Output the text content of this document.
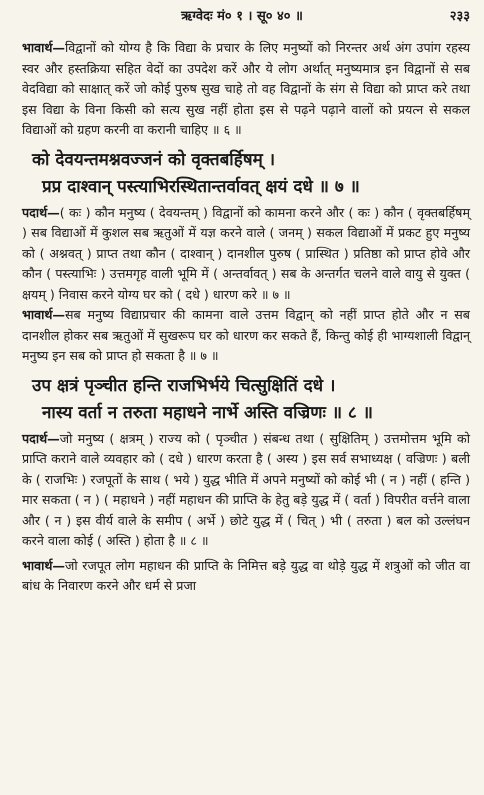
ऋग्वेदः मं० १ । सू० ४० ॥	२३३

भावार्थ—विद्वानों को योग्य है कि विद्या के प्रचार के लिए मनुष्यों को निरन्तर अर्थ अंग उपांग रहस्य स्वर और हस्तक्रिया सहित वेदों का उपदेश करें और ये लोग अर्थात् मनुष्यमात्र इन विद्वानों से सब वेदविद्या को साक्षात् करें जो कोई पुरुष सुख चाहे तो वह विद्वानों के संग से विद्या को प्राप्त करे तथा इस विद्या के विना किसी को सत्य सुख नहीं होता इस से पढ़ने पढ़ाने वालों को प्रयत्न से सकल विद्याओं को ग्रहण करनी वा करानी चाहिए ॥ ६ ॥

को देवयन्तमश्नवज्जनं को वृक्तबर्हिषम् ।
प्रप्र दाश्वान् पस्त्याभिरस्थितान्तर्वावत् क्षयं दधे ॥ ७ ॥

पदार्थ—( कः ) कौन मनुष्य ( देवयन्तम् ) विद्वानों को कामना करने और ( कः ) कौन ( वृक्तबर्हिषम् ) सब विद्याओं में कुशल सब ऋतुओं में यज्ञ करने वाले ( जनम् ) सकल विद्याओं में प्रकट हुए मनुष्य को ( अश्नवत् ) प्राप्त तथा कौन ( दाश्वान् ) दानशील पुरुष ( प्रास्थित ) प्रतिष्ठा को प्राप्त होवे और कौन ( पस्त्याभिः ) उत्तमगृह वाली भूमि में ( अन्तर्वावत् ) सब के अन्तर्गत चलने वाले वायु से युक्त ( क्षयम् ) निवास करने योग्य घर को ( दधे ) धारण करे ॥ ७ ॥

भावार्थ—सब मनुष्य विद्याप्रचार की कामना वाले उत्तम विद्वान् को नहीं प्राप्त होते और न सब दानशील होकर सब ऋतुओं में सुखरूप घर को धारण कर सकते हैं, किन्तु कोई ही भाग्यशाली विद्वान् मनुष्य इन सब को प्राप्त हो सकता है ॥ ७ ॥

उप क्षत्रं पृञ्चीत हन्ति राजभिर्भये चित्सुक्षितिं दधे ।
नास्य वर्ता न तरुता महाधने नार्भे अस्ति वज्रिणः ॥ ८ ॥

पदार्थ—जो मनुष्य ( क्षत्रम् ) राज्य को ( पृञ्चीत ) संबन्ध तथा ( सुक्षितिम् ) उत्तमोत्तम भूमि को प्राप्ति कराने वाले व्यवहार को ( दधे ) धारण करता है ( अस्य ) इस सर्व सभाध्यक्ष ( वज्रिणः ) बली के ( राजभिः ) रजपूतों के साथ ( भये ) युद्ध भीति में अपने मनुष्यों को कोई भी ( न ) नहीं ( हन्ति ) मार सकता ( न ) ( महाधने ) नहीं महाधन की प्राप्ति के हेतु बड़े युद्ध में ( वर्ता ) विपरीत वर्त्तने वाला और ( न ) इस वीर्य वाले के समीप ( अर्भे ) छोटे युद्ध में ( चित् ) भी ( तरुता ) बल को उल्लंघन करने वाला कोई ( अस्ति ) होता है ॥ ८ ॥

भावार्थ—जो रजपूत लोग महाधन की प्राप्ति के निमित्त बड़े युद्ध वा थोड़े युद्ध में शत्रुओं को जीत वा बांध के निवारण करने और धर्म से प्रजा
